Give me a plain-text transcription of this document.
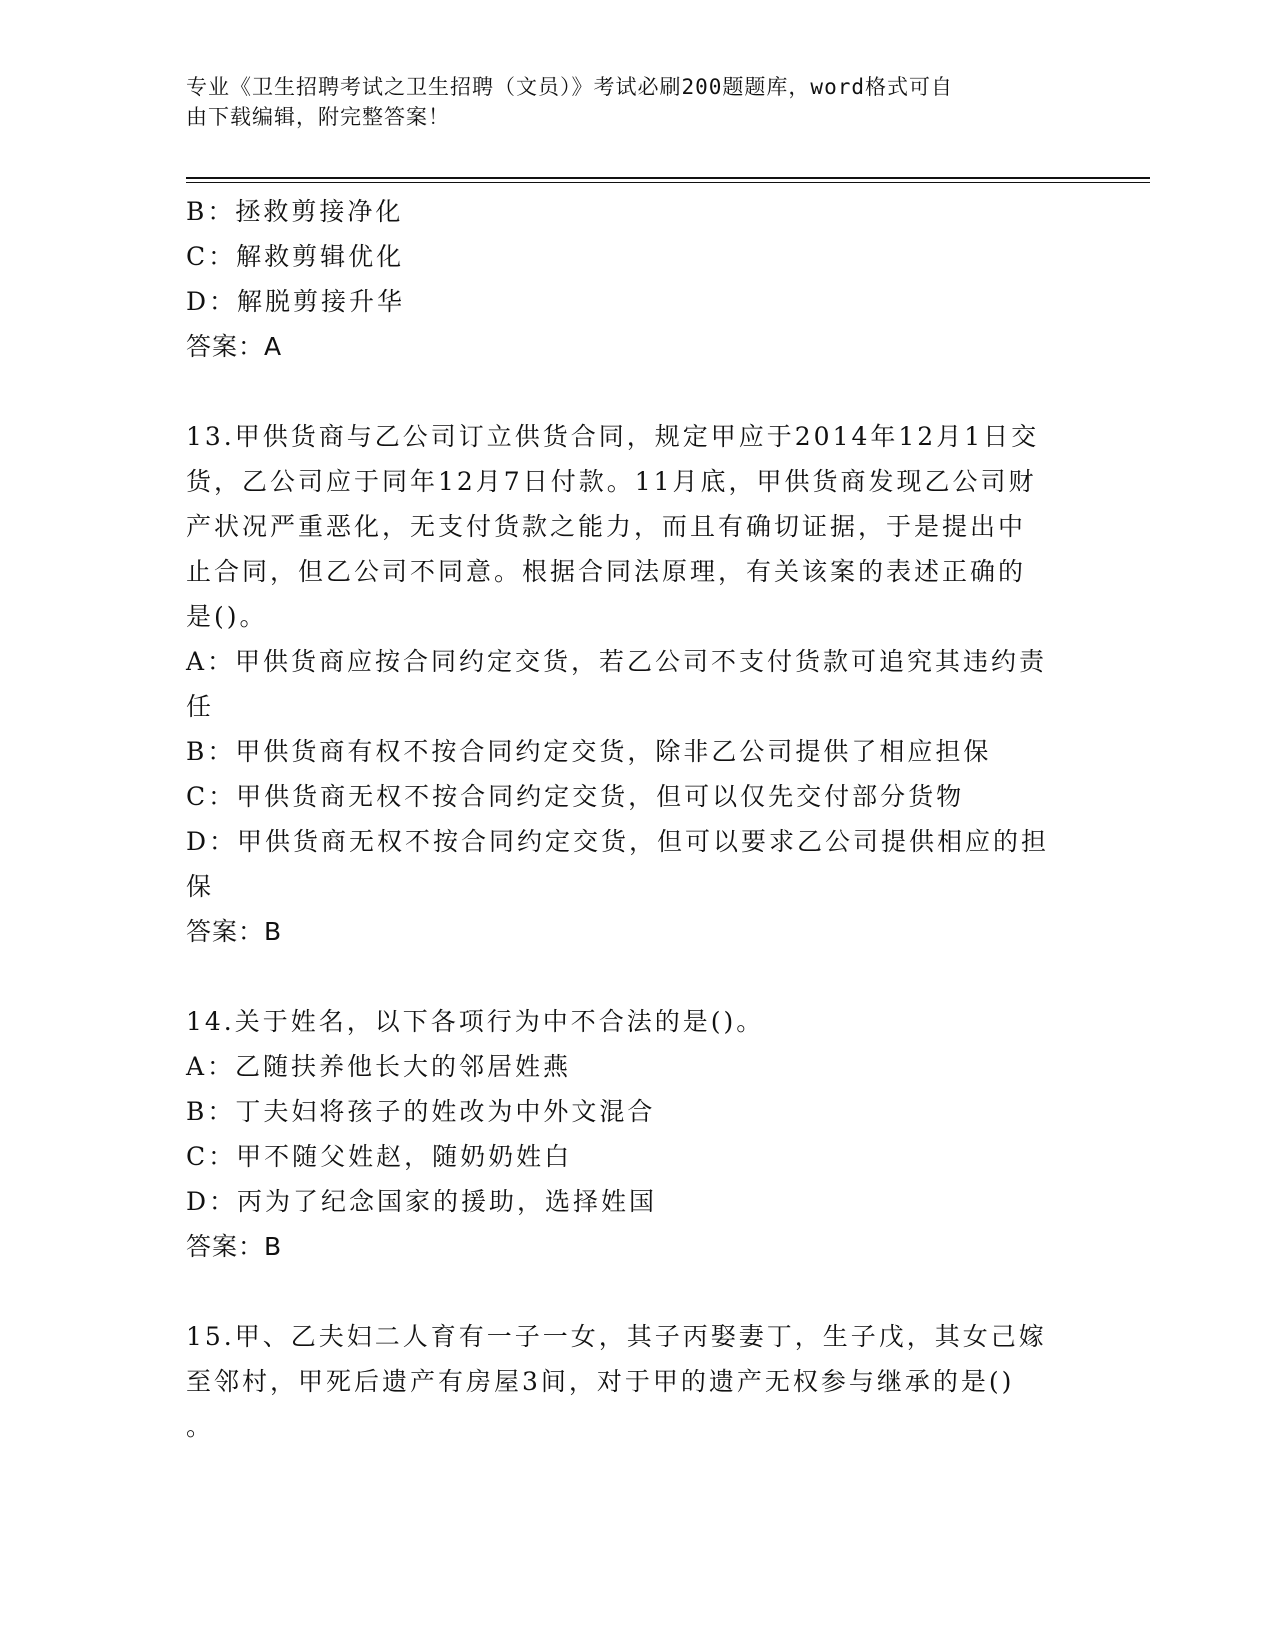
专业《卫生招聘考试之卫生招聘（文员）》考试必刷200题题库，word格式可自
由下载编辑，附完整答案！

B：拯救剪接净化

C：解救剪辑优化

D：解脱剪接升华

答案：A

13.甲供货商与乙公司订立供货合同，规定甲应于2014年12月1日交

货，乙公司应于同年12月7日付款。11月底，甲供货商发现乙公司财

产状况严重恶化，无支付货款之能力，而且有确切证据，于是提出中

止合同，但乙公司不同意。根据合同法原理，有关该案的表述正确的

是()。

A：甲供货商应按合同约定交货，若乙公司不支付货款可追究其违约责

任

B：甲供货商有权不按合同约定交货，除非乙公司提供了相应担保

C：甲供货商无权不按合同约定交货，但可以仅先交付部分货物

D：甲供货商无权不按合同约定交货，但可以要求乙公司提供相应的担

保

答案：B

14.关于姓名，以下各项行为中不合法的是()。

A：乙随扶养他长大的邻居姓燕

B：丁夫妇将孩子的姓改为中外文混合

C：甲不随父姓赵，随奶奶姓白

D：丙为了纪念国家的援助，选择姓国

答案：B

15.甲、乙夫妇二人育有一子一女，其子丙娶妻丁，生子戊，其女己嫁

至邻村，甲死后遗产有房屋3间，对于甲的遗产无权参与继承的是()

。
